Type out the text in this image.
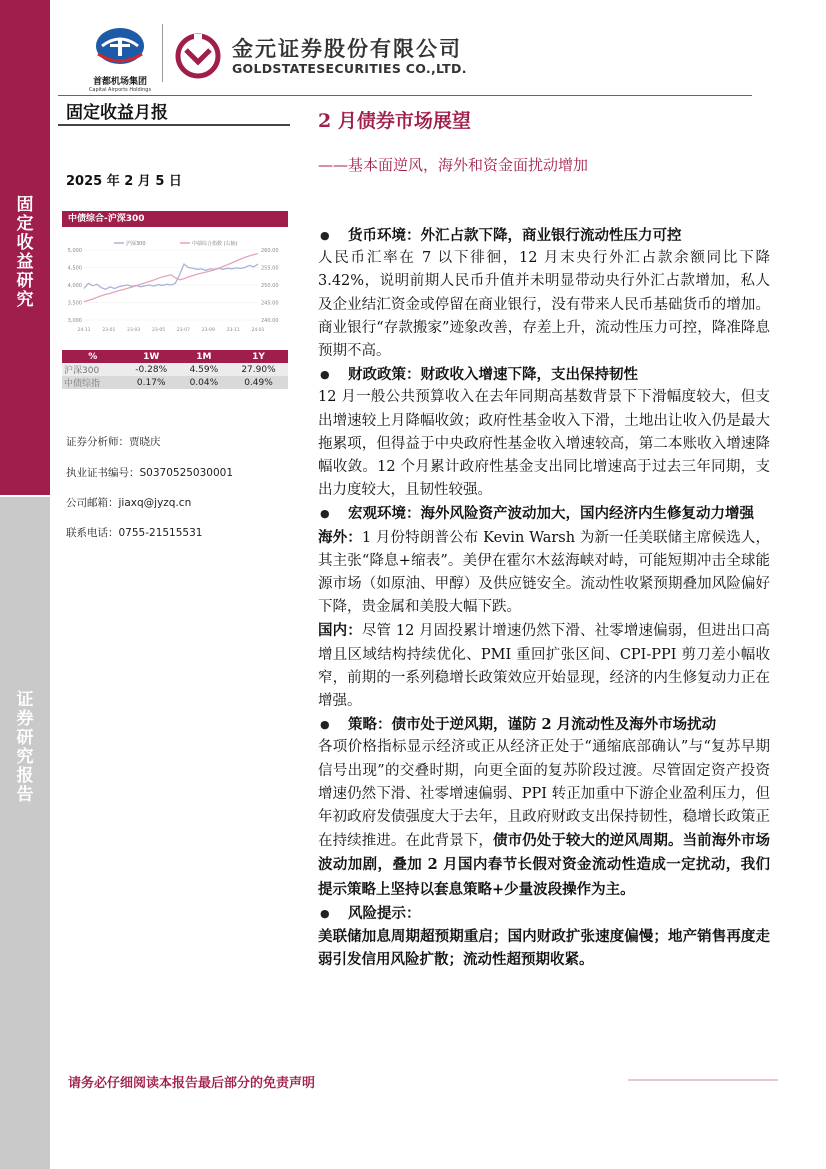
固
定
收
益
研
究
证
券
研
究
报
告
首都机场集团
Capital Airports Holdings
金元证券股份有限公司
GOLDSTATESECURITIES CO.,LTD.
固定收益月报
2025 年 2 月 5 日
2 月债券市场展望
——基本面逆风，海外和资金面扰动增加
中债综合-沪深300
沪深300	中债综合指数 (右轴)
5,000
4,500
4,000
3,500
3,000
260.00
255.00
250.00
245.00
240.00
24-11	23-01	23-03	23-05	23-07	23-09	23-11	24-01
%	1W	1M	1Y
沪深300	-0.28%	4.59%	27.90%
中债综指	0.17%	0.04%	0.49%
证券分析师：贾晓庆
执业证书编号：S0370525030001
公司邮箱：jiaxq@jyzq.cn
联系电话：0755-21515531

● 货币环境：外汇占款下降，商业银行流动性压力可控

人民币汇率在 7 以下徘徊，12 月末央行外汇占款余额同比下降 3.42%，说明前期人民币升值并未明显带动央行外汇占款增加，私人及企业结汇资金或停留在商业银行，没有带来人民币基础货币的增加。商业银行“存款搬家”迹象改善，存差上升，流动性压力可控，降准降息预期不高。

● 财政政策：财政收入增速下降，支出保持韧性

12 月一般公共预算收入在去年同期高基数背景下下滑幅度较大，但支出增速较上月降幅收敛；政府性基金收入下滑，土地出让收入仍是最大拖累项，但得益于中央政府性基金收入增速较高，第二本账收入增速降幅收敛。12 个月累计政府性基金支出同比增速高于过去三年同期，支出力度较大，且韧性较强。

● 宏观环境：海外风险资产波动加大，国内经济内生修复动力增强

海外：1 月份特朗普公布 Kevin Warsh 为新一任美联储主席候选人，其主张“降息+缩表”。美伊在霍尔木兹海峡对峙，可能短期冲击全球能源市场（如原油、甲醇）及供应链安全。流动性收紧预期叠加风险偏好下降，贵金属和美股大幅下跌。

国内：尽管 12 月固投累计增速仍然下滑、社零增速偏弱，但进出口高增且区域结构持续优化、PMI 重回扩张区间、CPI-PPI 剪刀差小幅收窄，前期的一系列稳增长政策效应开始显现，经济的内生修复动力正在增强。

● 策略：债市处于逆风期，谨防 2 月流动性及海外市场扰动

各项价格指标显示经济或正从经济正处于“通缩底部确认”与“复苏早期信号出现”的交叠时期，向更全面的复苏阶段过渡。尽管固定资产投资增速仍然下滑、社零增速偏弱、PPI 转正加重中下游企业盈利压力，但年初政府发债强度大于去年，且政府财政支出保持韧性，稳增长政策正在持续推进。在此背景下，债市仍处于较大的逆风周期。当前海外市场波动加剧，叠加 2 月国内春节长假对资金流动性造成一定扰动，我们提示策略上坚持以套息策略+少量波段操作为主。

● 风险提示：

美联储加息周期超预期重启；国内财政扩张速度偏慢；地产销售再度走弱引发信用风险扩散；流动性超预期收紧。

请务必仔细阅读本报告最后部分的免责声明
